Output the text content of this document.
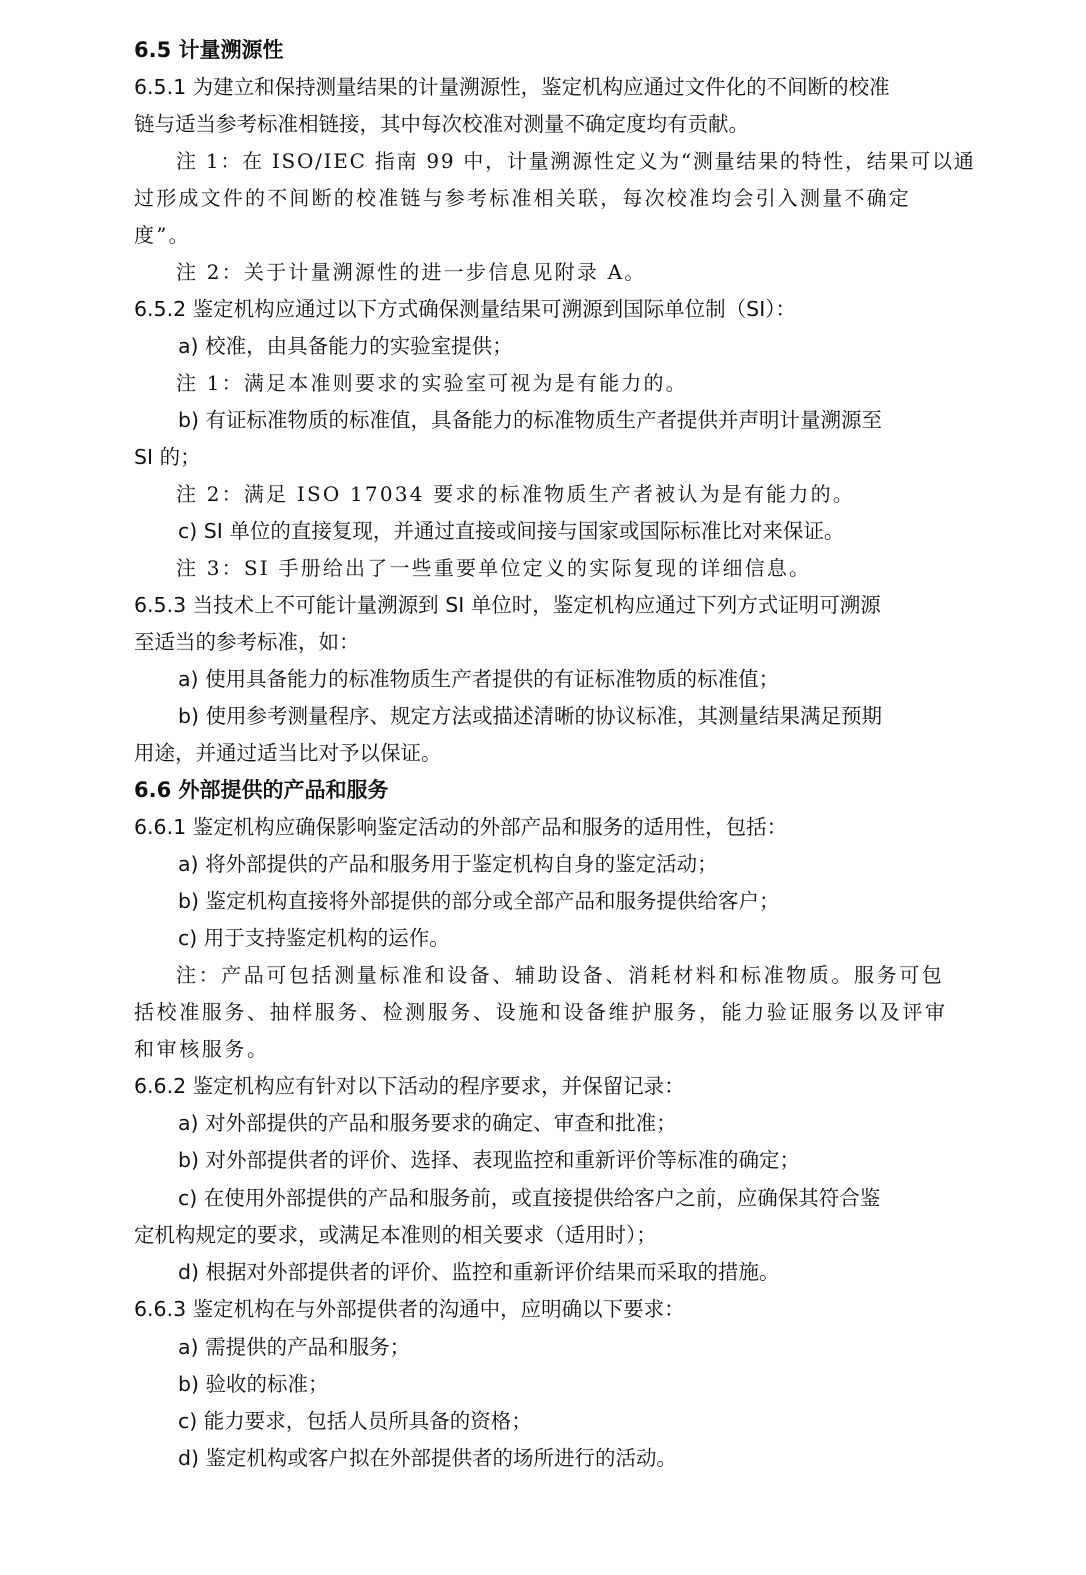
6.5 计量溯源性
6.5.1 为建立和保持测量结果的计量溯源性，鉴定机构应通过文件化的不间断的校准
链与适当参考标准相链接，其中每次校准对测量不确定度均有贡献。
注 1：在 ISO/IEC 指南 99 中，计量溯源性定义为“测量结果的特性，结果可以通
过形成文件的不间断的校准链与参考标准相关联，每次校准均会引入测量不确定
度”。
注 2：关于计量溯源性的进一步信息见附录 A。
6.5.2 鉴定机构应通过以下方式确保测量结果可溯源到国际单位制（SI）：
a) 校准，由具备能力的实验室提供；
注 1：满足本准则要求的实验室可视为是有能力的。
b) 有证标准物质的标准值，具备能力的标准物质生产者提供并声明计量溯源至
SI 的；
注 2：满足 ISO 17034 要求的标准物质生产者被认为是有能力的。
c) SI 单位的直接复现，并通过直接或间接与国家或国际标准比对来保证。
注 3：SI 手册给出了一些重要单位定义的实际复现的详细信息。
6.5.3 当技术上不可能计量溯源到 SI 单位时，鉴定机构应通过下列方式证明可溯源
至适当的参考标准，如：
a) 使用具备能力的标准物质生产者提供的有证标准物质的标准值；
b) 使用参考测量程序、规定方法或描述清晰的协议标准，其测量结果满足预期
用途，并通过适当比对予以保证。
6.6 外部提供的产品和服务
6.6.1 鉴定机构应确保影响鉴定活动的外部产品和服务的适用性，包括：
a) 将外部提供的产品和服务用于鉴定机构自身的鉴定活动；
b) 鉴定机构直接将外部提供的部分或全部产品和服务提供给客户；
c) 用于支持鉴定机构的运作。
注：产品可包括测量标准和设备、辅助设备、消耗材料和标准物质。服务可包
括校准服务、抽样服务、检测服务、设施和设备维护服务，能力验证服务以及评审
和审核服务。
6.6.2 鉴定机构应有针对以下活动的程序要求，并保留记录：
a) 对外部提供的产品和服务要求的确定、审查和批准；
b) 对外部提供者的评价、选择、表现监控和重新评价等标准的确定；
c) 在使用外部提供的产品和服务前，或直接提供给客户之前，应确保其符合鉴
定机构规定的要求，或满足本准则的相关要求（适用时）；
d) 根据对外部提供者的评价、监控和重新评价结果而采取的措施。
6.6.3 鉴定机构在与外部提供者的沟通中，应明确以下要求：
a) 需提供的产品和服务；
b) 验收的标准；
c) 能力要求，包括人员所具备的资格；
d) 鉴定机构或客户拟在外部提供者的场所进行的活动。
